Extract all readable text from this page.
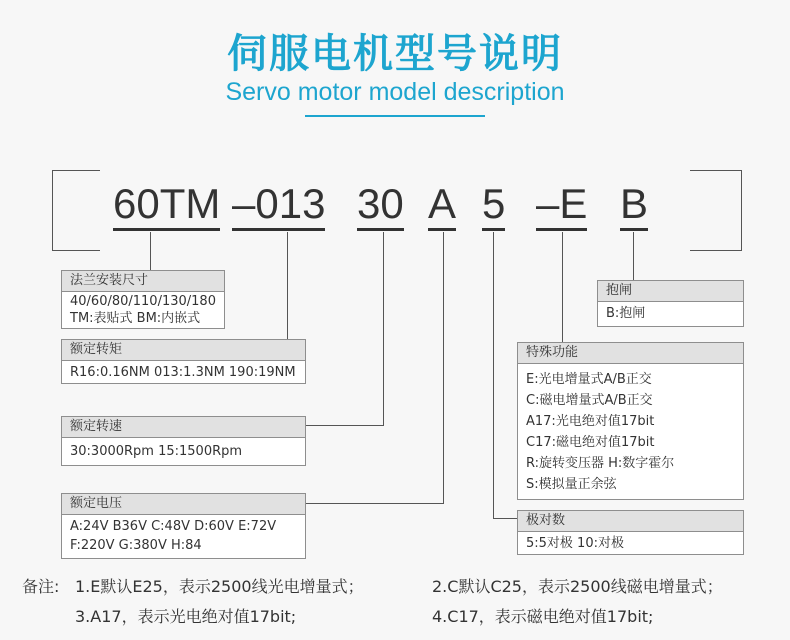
伺服电机型号说明
Servo motor model description
60TM –013 30 A 5 –E B
法兰安装尺寸
40/60/80/110/130/180
TM:表贴式 BM:内嵌式
额定转矩
R16:0.16NM 013:1.3NM 190:19NM
额定转速
30:3000Rpm 15:1500Rpm
额定电压
A:24V B36V C:48V D:60V E:72V
F:220V G:380V H:84
抱闸
B:抱闸
特殊功能
E:光电增量式A/B正交
C:磁电增量式A/B正交
A17:光电绝对值17bit
C17:磁电绝对值17bit
R:旋转变压器 H:数字霍尔
S:模拟量正余弦
极对数
5:5对极 10:对极
备注: 1.E默认E25，表示2500线光电增量式；	2.C默认C25，表示2500线磁电增量式；
3.A17，表示光电绝对值17bit;	4.C17，表示磁电绝对值17bit;
